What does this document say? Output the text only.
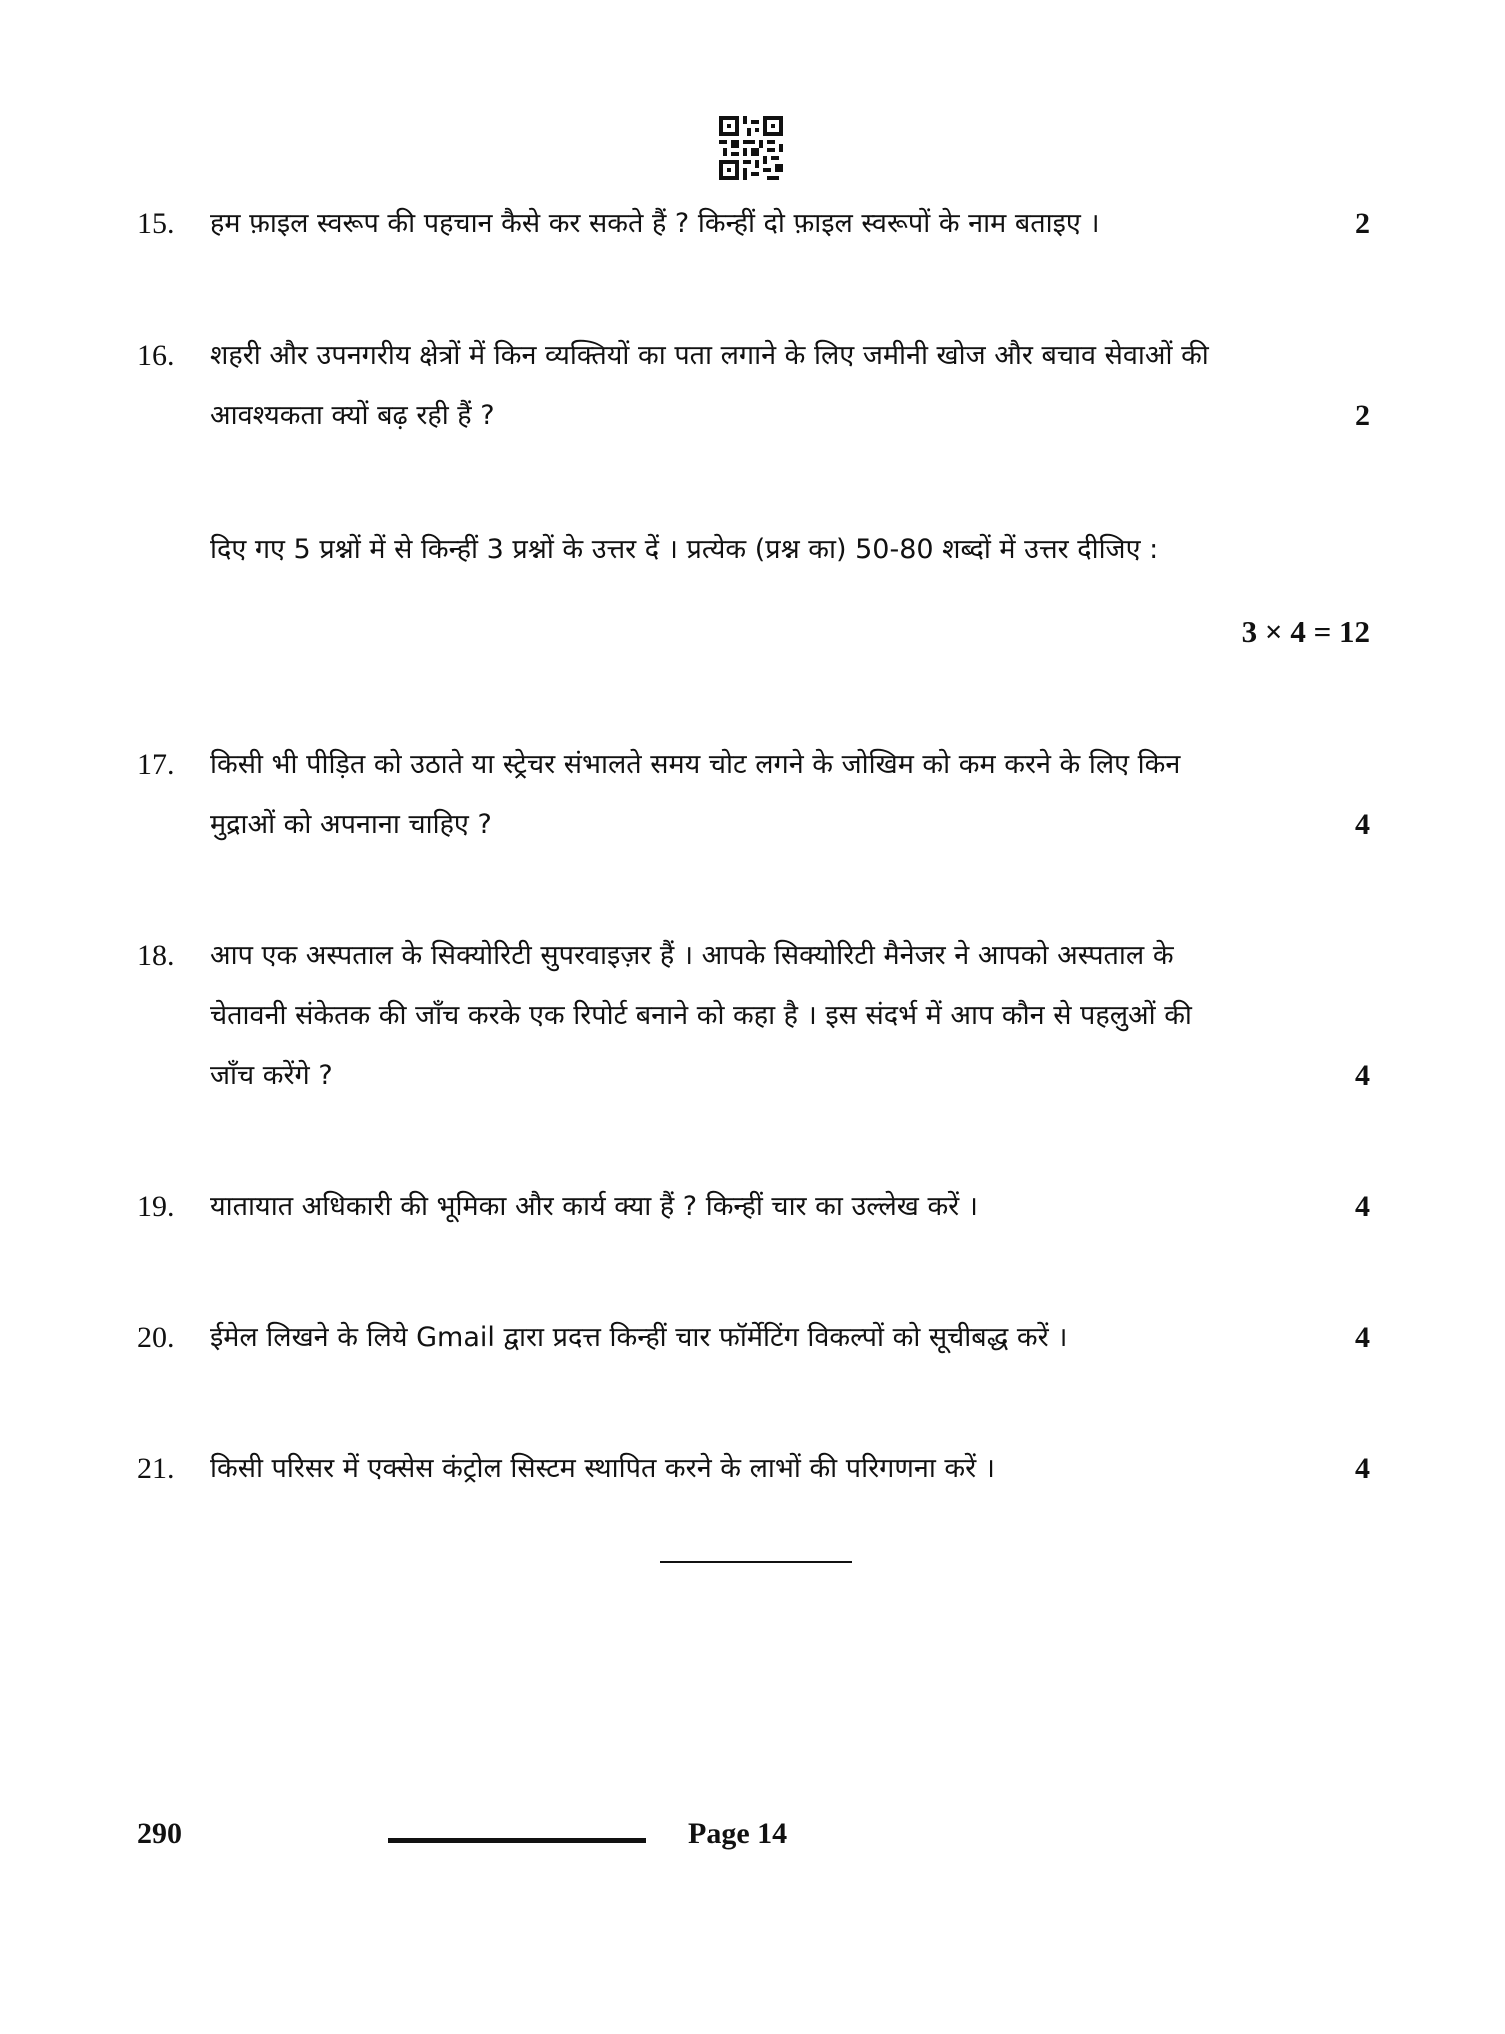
15.	हम फ़ाइल स्वरूप की पहचान कैसे कर सकते हैं ? किन्हीं दो फ़ाइल स्वरूपों के नाम बताइए ।	2
16.	शहरी और उपनगरीय क्षेत्रों में किन व्यक्तियों का पता लगाने के लिए जमीनी खोज और बचाव सेवाओं की
आवश्यकता क्यों बढ़ रही हैं ?	2
दिए गए 5 प्रश्नों में से किन्हीं 3 प्रश्नों के उत्तर दें । प्रत्येक (प्रश्न का) 50-80 शब्दों में उत्तर दीजिए :
3 × 4 = 12
17.	किसी भी पीड़ित को उठाते या स्ट्रेचर संभालते समय चोट लगने के जोखिम को कम करने के लिए किन
मुद्राओं को अपनाना चाहिए ?	4
18.	आप एक अस्पताल के सिक्योरिटी सुपरवाइज़र हैं । आपके सिक्योरिटी मैनेजर ने आपको अस्पताल के
चेतावनी संकेतक की जाँच करके एक रिपोर्ट बनाने को कहा है । इस संदर्भ में आप कौन से पहलुओं की
जाँच करेंगे ?	4
19.	यातायात अधिकारी की भूमिका और कार्य क्या हैं ? किन्हीं चार का उल्लेख करें ।	4
20.	ईमेल लिखने के लिये Gmail द्वारा प्रदत्त किन्हीं चार फॉर्मेटिंग विकल्पों को सूचीबद्ध करें ।	4
21.	किसी परिसर में एक्सेस कंट्रोल सिस्टम स्थापित करने के लाभों की परिगणना करें ।	4
290	Page 14
